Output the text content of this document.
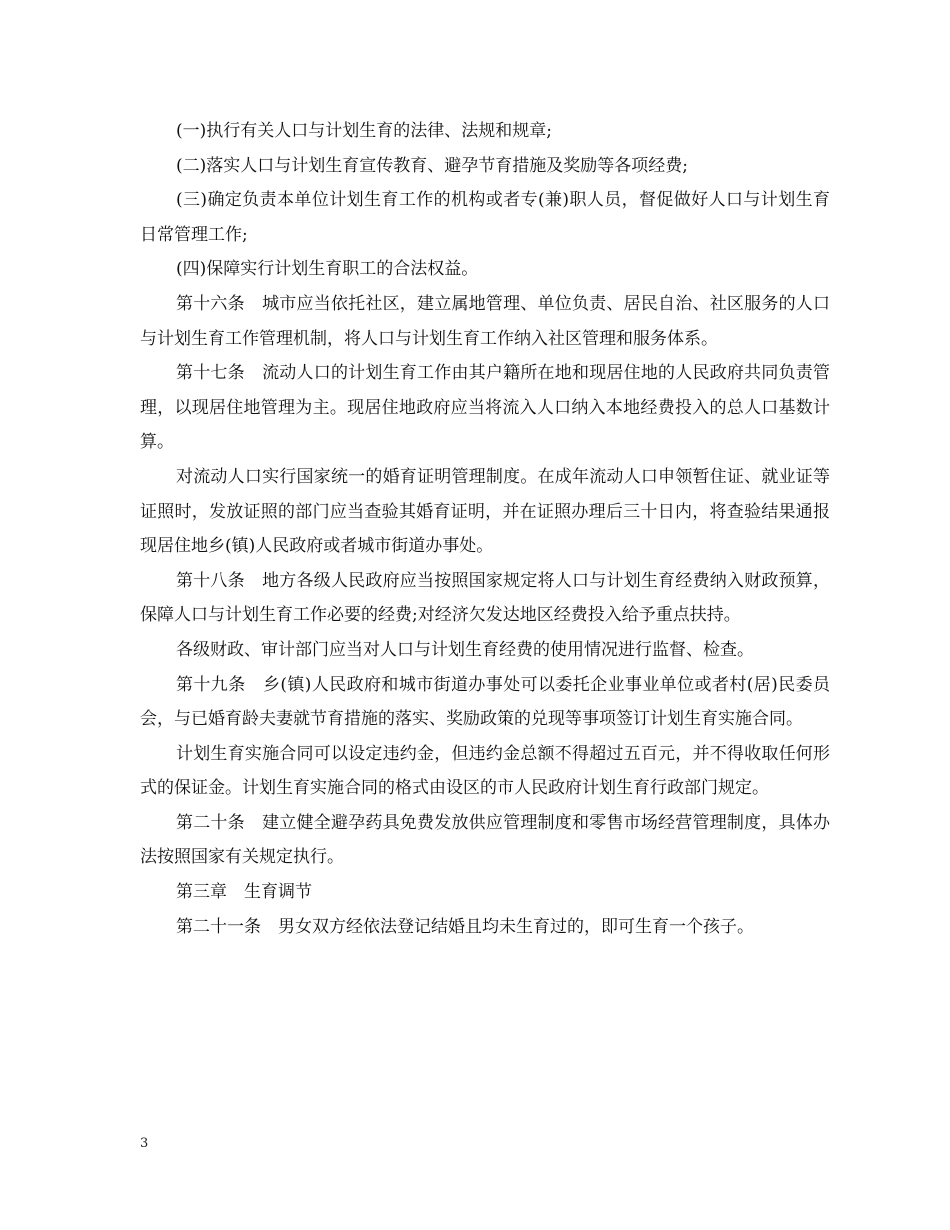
(一)执行有关人口与计划生育的法律、法规和规章;

(二)落实人口与计划生育宣传教育、避孕节育措施及奖励等各项经费;

(三)确定负责本单位计划生育工作的机构或者专(兼)职人员，督促做好人口与计划生育日常管理工作;

(四)保障实行计划生育职工的合法权益。

第十六条　城市应当依托社区，建立属地管理、单位负责、居民自治、社区服务的人口与计划生育工作管理机制，将人口与计划生育工作纳入社区管理和服务体系。

第十七条　流动人口的计划生育工作由其户籍所在地和现居住地的人民政府共同负责管理，以现居住地管理为主。现居住地政府应当将流入人口纳入本地经费投入的总人口基数计算。

对流动人口实行国家统一的婚育证明管理制度。在成年流动人口申领暂住证、就业证等证照时，发放证照的部门应当查验其婚育证明，并在证照办理后三十日内，将查验结果通报现居住地乡(镇)人民政府或者城市街道办事处。

第十八条　地方各级人民政府应当按照国家规定将人口与计划生育经费纳入财政预算，保障人口与计划生育工作必要的经费;对经济欠发达地区经费投入给予重点扶持。

各级财政、审计部门应当对人口与计划生育经费的使用情况进行监督、检查。

第十九条　乡(镇)人民政府和城市街道办事处可以委托企业事业单位或者村(居)民委员会，与已婚育龄夫妻就节育措施的落实、奖励政策的兑现等事项签订计划生育实施合同。

计划生育实施合同可以设定违约金，但违约金总额不得超过五百元，并不得收取任何形式的保证金。计划生育实施合同的格式由设区的市人民政府计划生育行政部门规定。

第二十条　建立健全避孕药具免费发放供应管理制度和零售市场经营管理制度，具体办法按照国家有关规定执行。

第三章　生育调节

第二十一条　男女双方经依法登记结婚且均未生育过的，即可生育一个孩子。

3
